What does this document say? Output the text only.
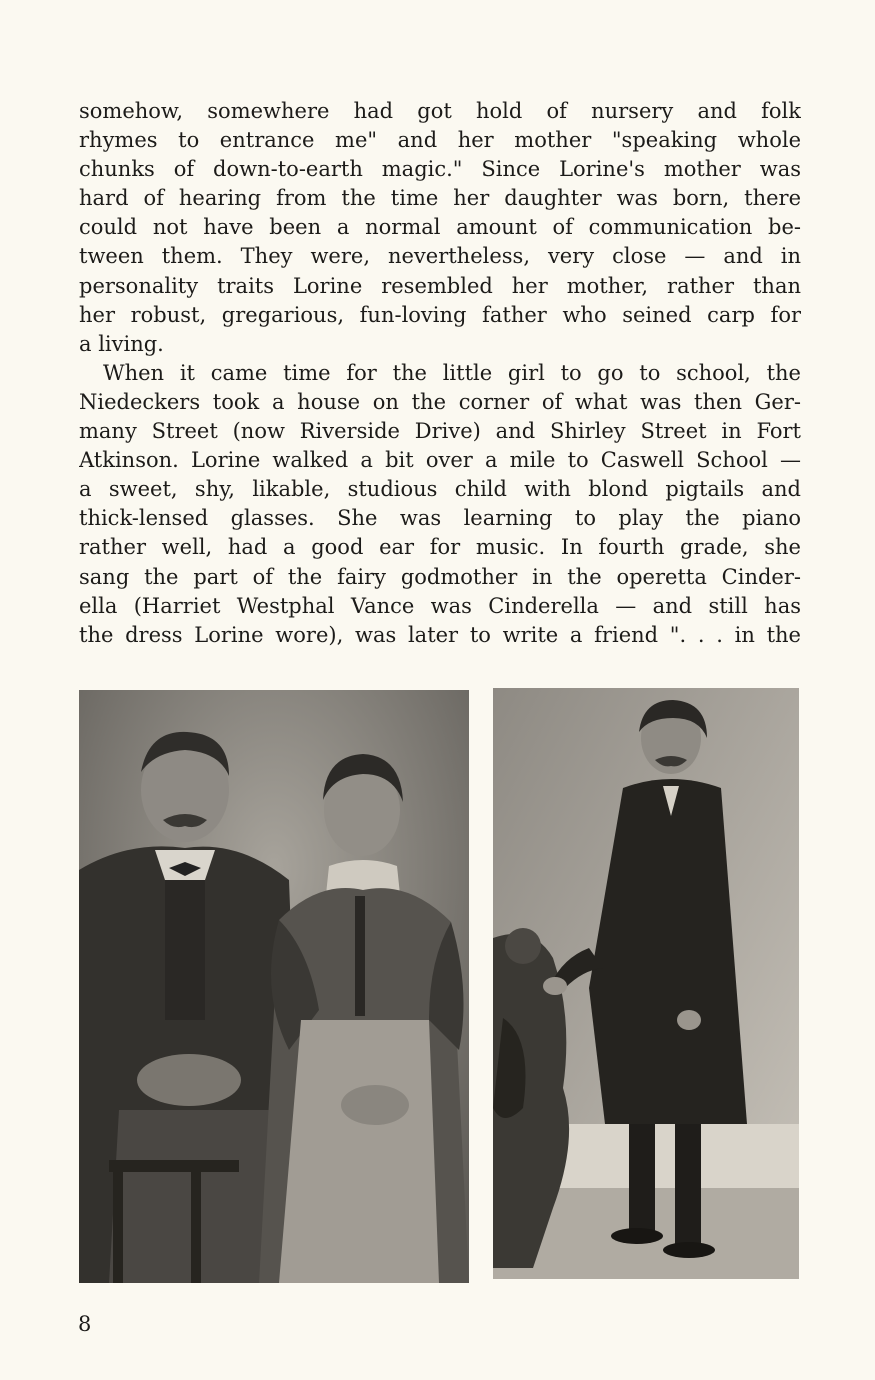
somehow, somewhere had got hold of nursery and folk
rhymes to entrance me" and her mother "speaking whole
chunks of down-to-earth magic." Since Lorine's mother was
hard of hearing from the time her daughter was born, there
could not have been a normal amount of communication be-
tween them. They were, nevertheless, very close — and in
personality traits Lorine resembled her mother, rather than
her robust, gregarious, fun-loving father who seined carp for
a living.
When it came time for the little girl to go to school, the
Niedeckers took a house on the corner of what was then Ger-
many Street (now Riverside Drive) and Shirley Street in Fort
Atkinson. Lorine walked a bit over a mile to Caswell School —
a sweet, shy, likable, studious child with blond pigtails and
thick-lensed glasses. She was learning to play the piano
rather well, had a good ear for music. In fourth grade, she
sang the part of the fairy godmother in the operetta Cinder-
ella (Harriet Westphal Vance was Cinderella — and still has
the dress Lorine wore), was later to write a friend ". . . in the
8
